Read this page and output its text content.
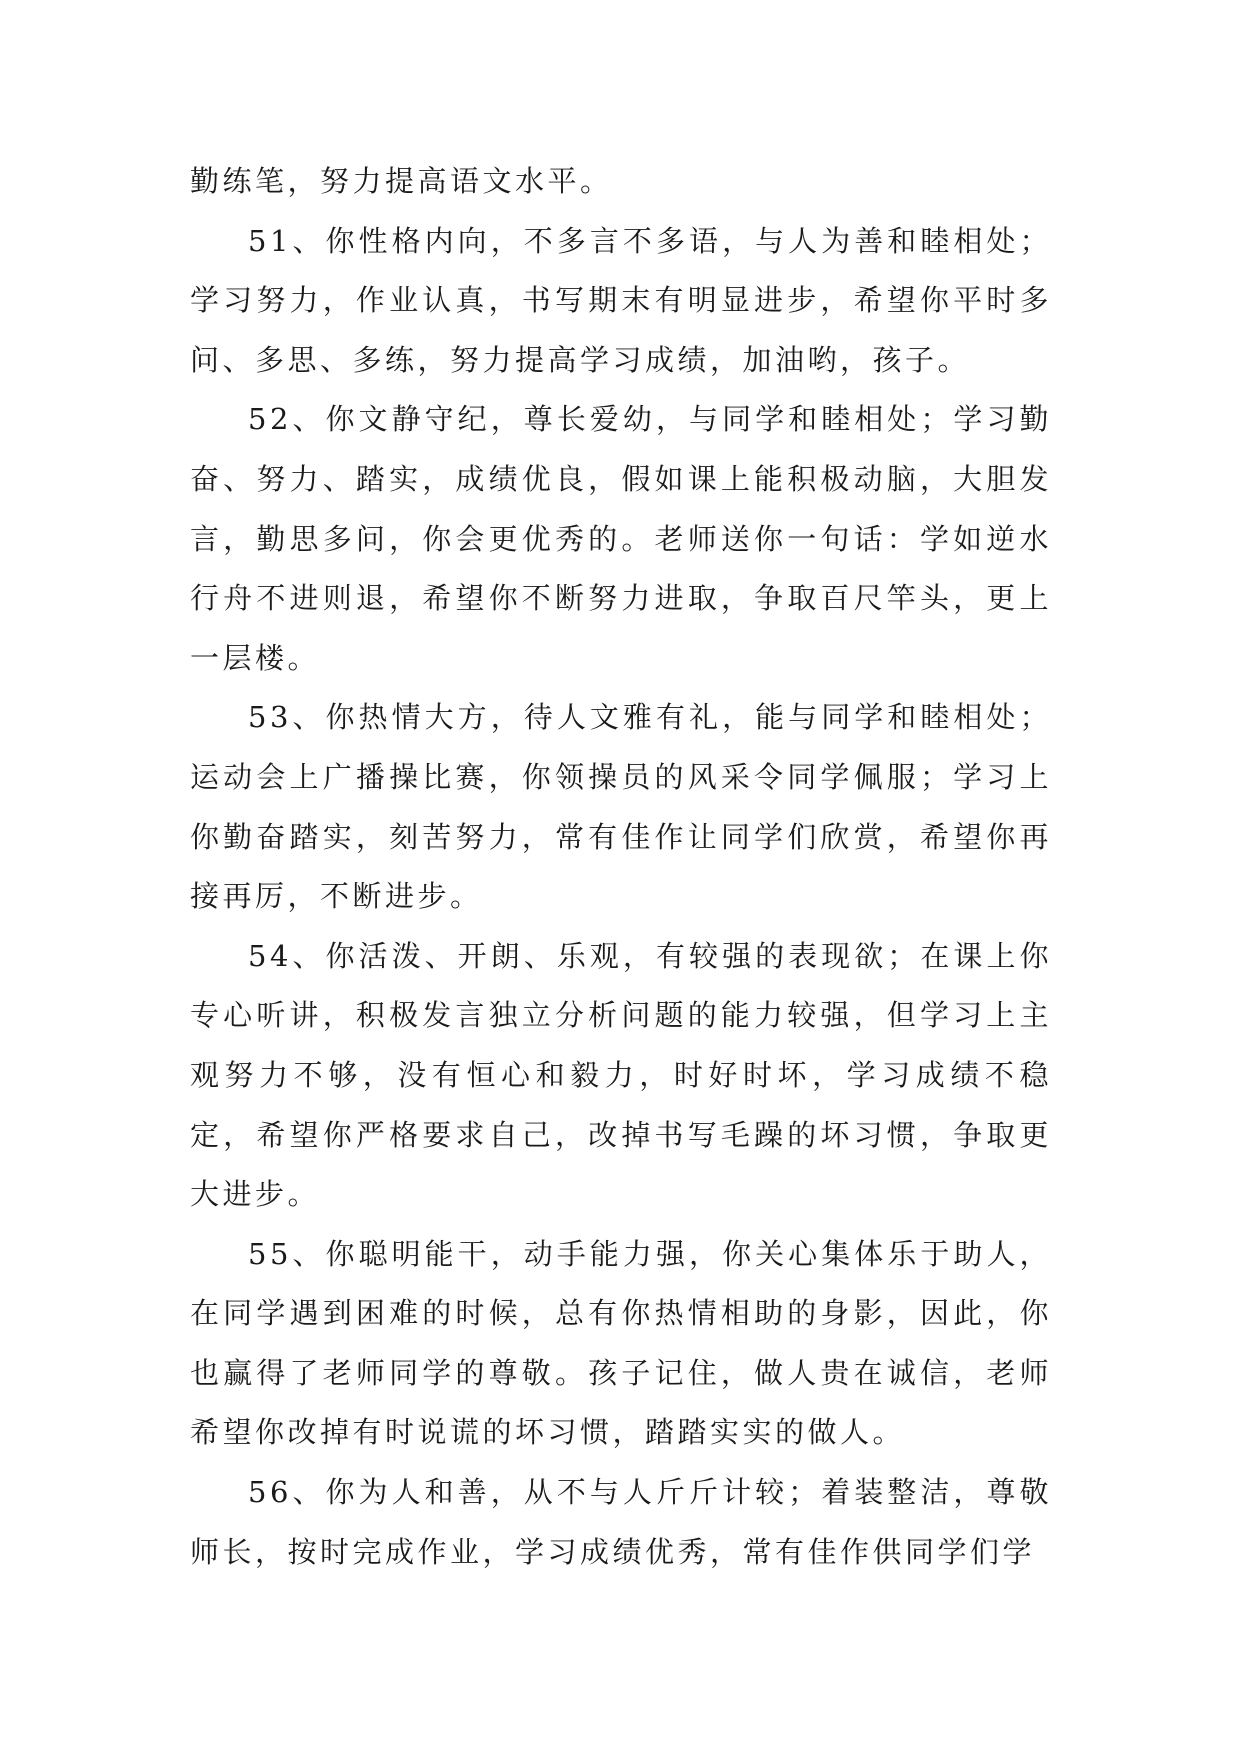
勤练笔，努力提高语文水平。

51、你性格内向，不多言不多语，与人为善和睦相处；学习努力，作业认真，书写期末有明显进步，希望你平时多问、多思、多练，努力提高学习成绩，加油哟，孩子。

52、你文静守纪，尊长爱幼，与同学和睦相处；学习勤奋、努力、踏实，成绩优良，假如课上能积极动脑，大胆发言，勤思多问，你会更优秀的。老师送你一句话：学如逆水行舟不进则退，希望你不断努力进取，争取百尺竿头，更上一层楼。

53、你热情大方，待人文雅有礼，能与同学和睦相处；运动会上广播操比赛，你领操员的风采令同学佩服；学习上你勤奋踏实，刻苦努力，常有佳作让同学们欣赏，希望你再接再厉，不断进步。

54、你活泼、开朗、乐观，有较强的表现欲；在课上你专心听讲，积极发言独立分析问题的能力较强，但学习上主观努力不够，没有恒心和毅力，时好时坏，学习成绩不稳定，希望你严格要求自己，改掉书写毛躁的坏习惯，争取更大进步。

55、你聪明能干，动手能力强，你关心集体乐于助人，在同学遇到困难的时候，总有你热情相助的身影，因此，你也赢得了老师同学的尊敬。孩子记住，做人贵在诚信，老师希望你改掉有时说谎的坏习惯，踏踏实实的做人。

56、你为人和善，从不与人斤斤计较；着装整洁，尊敬师长，按时完成作业，学习成绩优秀，常有佳作供同学们学
